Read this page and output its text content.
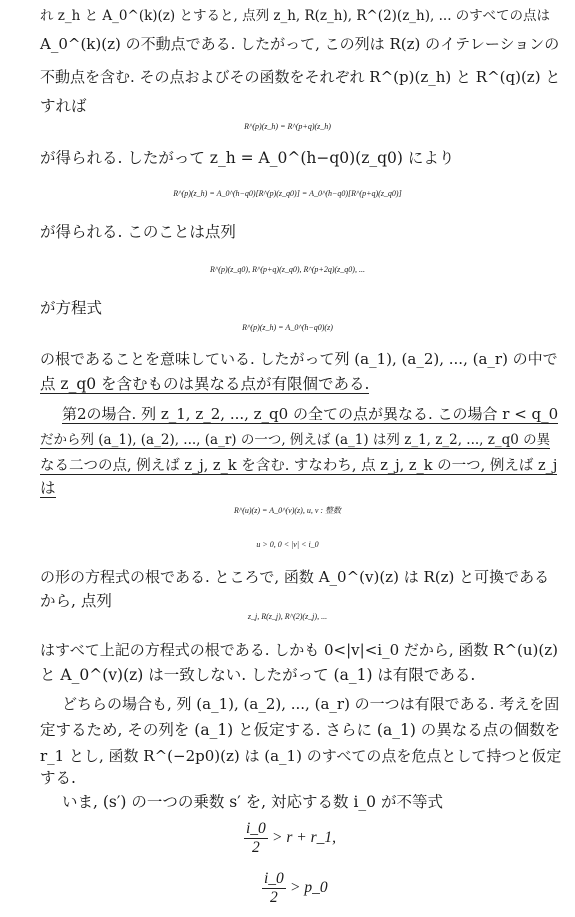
れ z_h と A_0^(k)(z) とすると, 点列 z_h, R(z_h), R^(2)(z_h), ... のすべての点は
A_0^(k)(z) の不動点である. したがって, この列は R(z) のイテレーションの
不動点を含む. その点およびその函数をそれぞれ R^(p)(z_h) と R^(q)(z) と
すれば
R^(p)(z_h) = R^(p+q)(z_h)
が得られる. したがって z_h = A_0^(h−q0)(z_q0) により
R^(p)(z_h) = A_0^(h−q0)[R^(p)(z_q0)] = A_0^(h−q0)[R^(p+q)(z_q0)]
が得られる. このことは点列
R^(p)(z_q0), R^(p+q)(z_q0), R^(p+2q)(z_q0), ...
が方程式
R^(p)(z_h) = A_0^(h−q0)(z)
の根であることを意味している. したがって列 (a_1), (a_2), ..., (a_r) の中で
点 z_q0 を含むものは異なる点が有限個である.
第2の場合. 列 z_1, z_2, ..., z_q0 の全ての点が異なる. この場合 r < q_0
だから列 (a_1), (a_2), ..., (a_r) の一つ, 例えば (a_1) は列 z_1, z_2, ..., z_q0 の異
なる二つの点, 例えば z_j, z_k を含む. すなわち, 点 z_j, z_k の一つ, 例えば z_j
は
R^(u)(z) = A_0^(v)(z), u, v : 整数
u > 0, 0 < |v| < i_0
の形の方程式の根である. ところで, 函数 A_0^(v)(z) は R(z) と可換である
から, 点列
z_j, R(z_j), R^(2)(z_j), ...
はすべて上記の方程式の根である. しかも 0<|v|<i_0 だから, 函数 R^(u)(z)
と A_0^(v)(z) は一致しない. したがって (a_1) は有限である.
どちらの場合も, 列 (a_1), (a_2), ..., (a_r) の一つは有限である. 考えを固
定するため, その列を (a_1) と仮定する. さらに (a_1) の異なる点の個数を
r_1 とし, 函数 R^(−2p0)(z) は (a_1) のすべての点を危点として持つと仮定
する.
いま, (s′) の一つの乗数 s′ を, 対応する数 i_0 が不等式
$\frac{i\_0}{2} > r$ + r_1,
$\frac{i\_0}{2}$ > p_0
